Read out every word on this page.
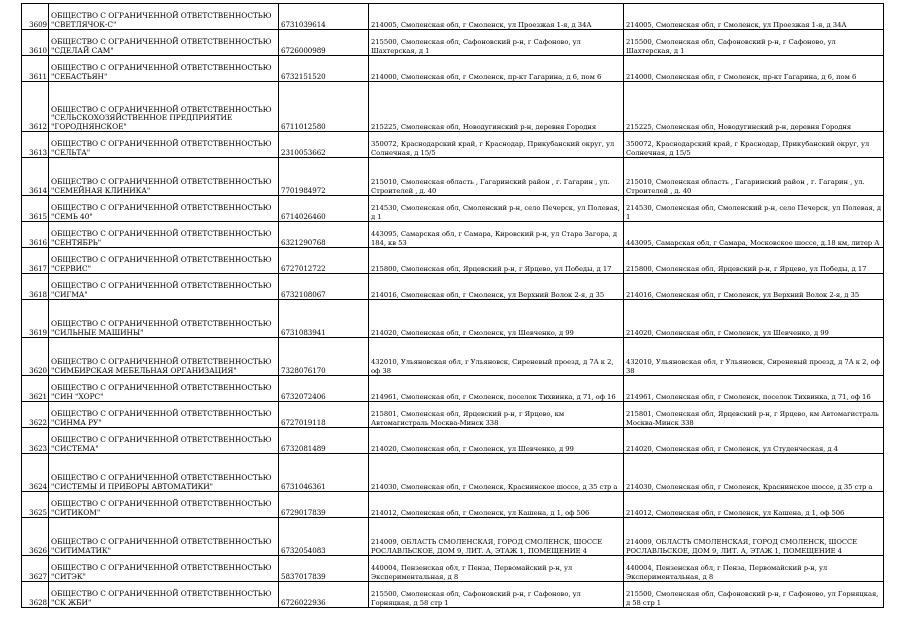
3609	ОБЩЕСТВО С ОГРАНИЧЕННОЙ ОТВЕТСТВЕННОСТЬЮ "СВЕТЛЯЧОК-С"	6731039614	214005, Смоленская обл, г Смоленск, ул Проезжая 1-я, д 34А	214005, Смоленская обл, г Смоленск, ул Проезжая 1-я, д 34А
3610	ОБЩЕСТВО С ОГРАНИЧЕННОЙ ОТВЕТСТВЕННОСТЬЮ "СДЕЛАЙ САМ"	6726000989	215500, Смоленская обл, Сафоновский р-н, г Сафоново, ул Шахтерская, д 1	215500, Смоленская обл, Сафоновский р-н, г Сафоново, ул Шахтерская, д 1
3611	ОБЩЕСТВО С ОГРАНИЧЕННОЙ ОТВЕТСТВЕННОСТЬЮ "СЕБАСТЬЯН"	6732151520	214000, Смоленская обл, г Смоленск, пр-кт Гагарина, д 6, пом 6	214000, Смоленская обл, г Смоленск, пр-кт Гагарина, д 6, пом 6
3612	ОБЩЕСТВО С ОГРАНИЧЕННОЙ ОТВЕТСТВЕННОСТЬЮ "СЕЛЬСКОХОЗЯЙСТВЕННОЕ ПРЕДПРИЯТИЕ "ГОРОДНЯНСКОЕ"	6711012580	215225, Смоленская обл, Новодугинский р-н, деревня Городня	215225, Смоленская обл, Новодугинский р-н, деревня Городня
3613	ОБЩЕСТВО С ОГРАНИЧЕННОЙ ОТВЕТСТВЕННОСТЬЮ "СЕЛЬТА"	2310053662	350072, Краснодарский край, г Краснодар, Прикубанский округ, ул Солнечная, д 15/5	350072, Краснодарский край, г Краснодар, Прикубанский округ, ул Солнечная, д 15/5
3614	ОБЩЕСТВО С ОГРАНИЧЕННОЙ ОТВЕТСТВЕННОСТЬЮ "СЕМЕЙНАЯ КЛИНИКА"	7701984972	215010, Смоленская область , Гагаринский район , г. Гагарин , ул. Строителей , д. 40	215010, Смоленская область , Гагаринский район , г. Гагарин , ул. Строителей , д. 40
3615	ОБЩЕСТВО С ОГРАНИЧЕННОЙ ОТВЕТСТВЕННОСТЬЮ "СЕМЬ 40"	6714026460	214530, Смоленская обл, Смоленский р-н, село Печерск, ул Полевая, д 1	214530, Смоленская обл, Смоленский р-н, село Печерск, ул Полевая, д 1
3616	ОБЩЕСТВО С ОГРАНИЧЕННОЙ ОТВЕТСТВЕННОСТЬЮ "СЕНТЯБРЬ"	6321290768	443095, Самарская обл, г Самара, Кировский р-н, ул Стара Загора, д 184, кв 53	443095, Самарская обл, г Самара, Московское шоссе, д.18 км, литер А
3617	ОБЩЕСТВО С ОГРАНИЧЕННОЙ ОТВЕТСТВЕННОСТЬЮ "СЕРВИС"	6727012722	215800, Смоленская обл, Ярцевский р-н, г Ярцево, ул Победы, д 17	215800, Смоленская обл, Ярцевский р-н, г Ярцево, ул Победы, д 17
3618	ОБЩЕСТВО С ОГРАНИЧЕННОЙ ОТВЕТСТВЕННОСТЬЮ "СИГМА"	6732108067	214016, Смоленская обл, г Смоленск, ул Верхний Волок 2-я, д 35	214016, Смоленская обл, г Смоленск, ул Верхний Волок 2-я, д 35
3619	ОБЩЕСТВО С ОГРАНИЧЕННОЙ ОТВЕТСТВЕННОСТЬЮ "СИЛЬНЫЕ МАШИНЫ"	6731083941	214020, Смоленская обл, г Смоленск, ул Шевченко, д 99	214020, Смоленская обл, г Смоленск, ул Шевченко, д 99
3620	ОБЩЕСТВО С ОГРАНИЧЕННОЙ ОТВЕТСТВЕННОСТЬЮ "СИМБИРСКАЯ МЕБЕЛЬНАЯ ОРГАНИЗАЦИЯ"	7328076170	432010, Ульяновская обл, г Ульяновск, Сиреневый проезд, д 7А к 2, оф 38	432010, Ульяновская обл, г Ульяновск, Сиреневый проезд, д 7А к 2, оф 38
3621	ОБЩЕСТВО С ОГРАНИЧЕННОЙ ОТВЕТСТВЕННОСТЬЮ "СИН "ХОРС"	6732072406	214961, Смоленская обл, г Смоленск, поселок Тихвинка, д 71, оф 16	214961, Смоленская обл, г Смоленск, поселок Тихвинка, д 71, оф 16
3622	ОБЩЕСТВО С ОГРАНИЧЕННОЙ ОТВЕТСТВЕННОСТЬЮ "СИНМА РУ"	6727019118	215801, Смоленская обл, Ярцевский р-н, г Ярцево, км Автомагистраль Москва-Минск 338	215801, Смоленская обл, Ярцевский р-н, г Ярцево, км Автомагистраль Москва-Минск 338
3623	ОБЩЕСТВО С ОГРАНИЧЕННОЙ ОТВЕТСТВЕННОСТЬЮ "СИСТЕМА"	6732081489	214020, Смоленская обл, г Смоленск, ул Шевченко, д 99	214020, Смоленская обл, г Смоленск, ул Студенческая, д 4
3624	ОБЩЕСТВО С ОГРАНИЧЕННОЙ ОТВЕТСТВЕННОСТЬЮ "СИСТЕМЫ И ПРИБОРЫ АВТОМАТИКИ"	6731046361	214030, Смоленская обл, г Смоленск, Краснинское шоссе, д 35 стр а	214030, Смоленская обл, г Смоленск, Краснинское шоссе, д 35 стр а
3625	ОБЩЕСТВО С ОГРАНИЧЕННОЙ ОТВЕТСТВЕННОСТЬЮ "СИТИКОМ"	6729017839	214012, Смоленская обл, г Смоленск, ул Кашена, д 1, оф 506	214012, Смоленская обл, г Смоленск, ул Кашена, д 1, оф 506
3626	ОБЩЕСТВО С ОГРАНИЧЕННОЙ ОТВЕТСТВЕННОСТЬЮ "СИТИМАТИК"	6732054083	214009, ОБЛАСТЬ СМОЛЕНСКАЯ, ГОРОД СМОЛЕНСК, ШОССЕ РОСЛАВЛЬСКОЕ, ДОМ 9, ЛИТ. А, ЭТАЖ 1, ПОМЕЩЕНИЕ 4	214009, ОБЛАСТЬ СМОЛЕНСКАЯ, ГОРОД СМОЛЕНСК, ШОССЕ РОСЛАВЛЬСКОЕ, ДОМ 9, ЛИТ. А, ЭТАЖ 1, ПОМЕЩЕНИЕ 4
3627	ОБЩЕСТВО С ОГРАНИЧЕННОЙ ОТВЕТСТВЕННОСТЬЮ "СИТЭК"	5837017839	440004, Пензенская обл, г Пенза, Первомайский р-н, ул Экспериментальная, д 8	440004, Пензенская обл, г Пенза, Первомайский р-н, ул Экспериментальная, д 8
3628	ОБЩЕСТВО С ОГРАНИЧЕННОЙ ОТВЕТСТВЕННОСТЬЮ "СК ЖБИ"	6726022936	215500, Смоленская обл, Сафоновский р-н, г Сафоново, ул Горняцкая, д 58 стр 1	215500, Смоленская обл, Сафоновский р-н, г Сафоново, ул Горняцкая, д 58 стр 1
